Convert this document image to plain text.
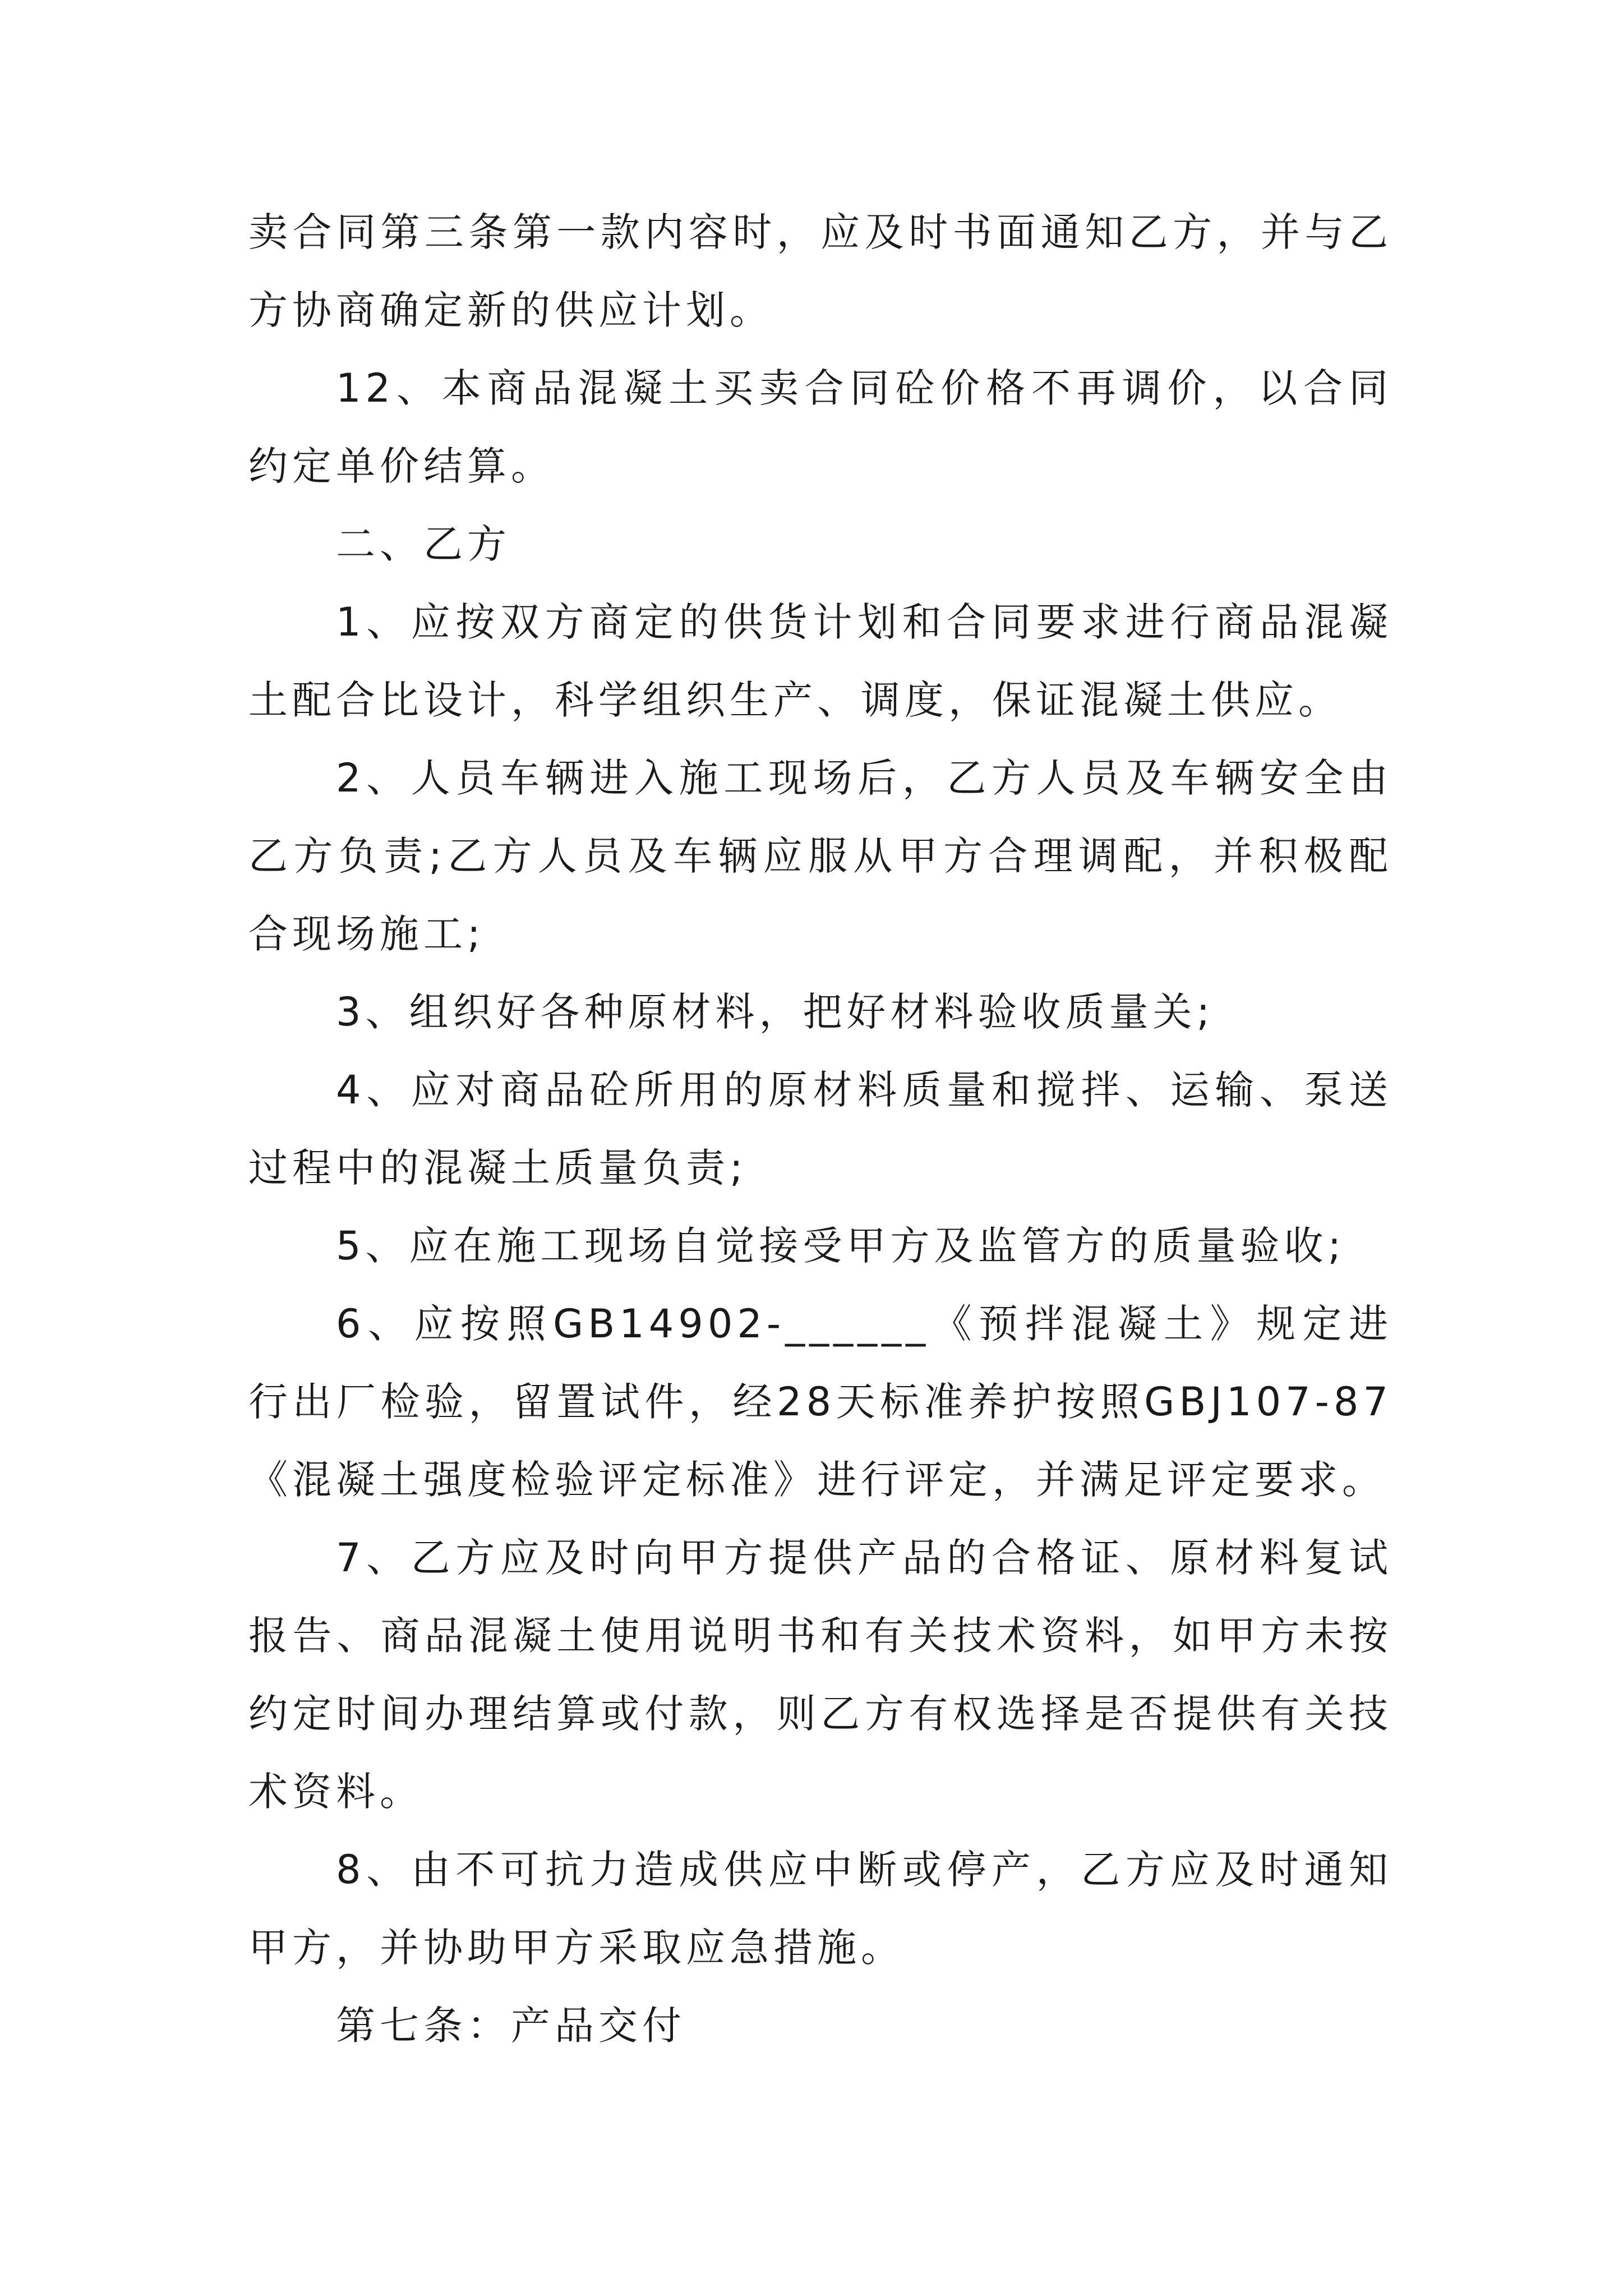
卖合同第三条第一款内容时，应及时书面通知乙方，并与乙方协商确定新的供应计划。

12、本商品混凝土买卖合同砼价格不再调价，以合同约定单价结算。

二、乙方

1、应按双方商定的供货计划和合同要求进行商品混凝土配合比设计，科学组织生产、调度，保证混凝土供应。

2、人员车辆进入施工现场后，乙方人员及车辆安全由乙方负责;乙方人员及车辆应服从甲方合理调配，并积极配合现场施工;

3、组织好各种原材料，把好材料验收质量关;

4、应对商品砼所用的原材料质量和搅拌、运输、泵送过程中的混凝土质量负责;

5、应在施工现场自觉接受甲方及监管方的质量验收;

6、应按照GB14902-______《预拌混凝土》规定进行出厂检验，留置试件，经28天标准养护按照GBJ107-87《混凝土强度检验评定标准》进行评定，并满足评定要求。

7、乙方应及时向甲方提供产品的合格证、原材料复试报告、商品混凝土使用说明书和有关技术资料，如甲方未按约定时间办理结算或付款，则乙方有权选择是否提供有关技术资料。

8、由不可抗力造成供应中断或停产，乙方应及时通知甲方，并协助甲方采取应急措施。

第七条：产品交付
